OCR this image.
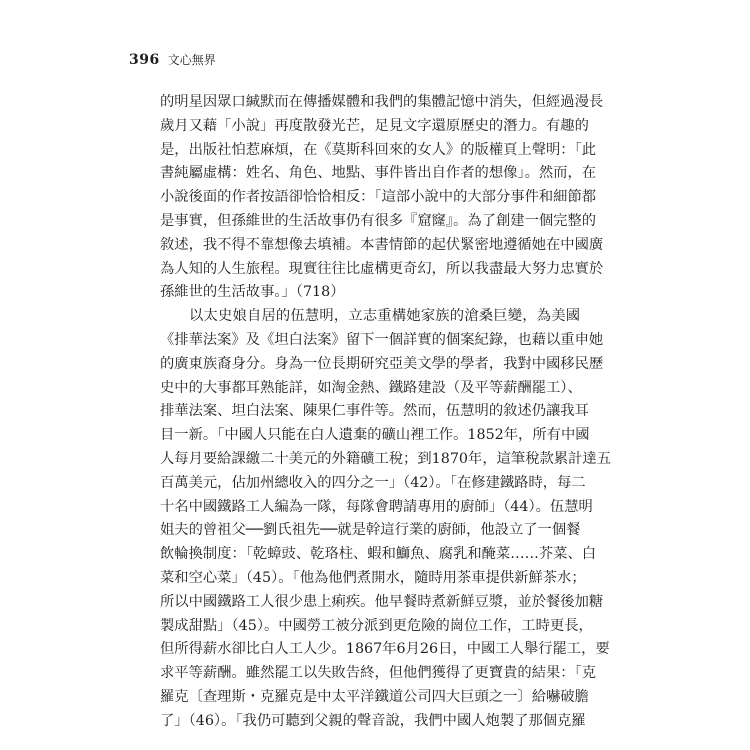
396 文心無界
的明星因眾口緘默而在傳播媒體和我們的集體記憶中消失，但經過漫長
歲月又藉「小說」再度散發光芒，足見文字還原歷史的潛力。有趣的
是，出版社怕惹麻煩，在《莫斯科回來的女人》的版權頁上聲明：「此
書純屬虛構：姓名、角色、地點、事件皆出自作者的想像」。然而，在
小說後面的作者按語卻恰恰相反：「這部小說中的大部分事件和細節都
是事實，但孫維世的生活故事仍有很多『窟窿』。為了創建一個完整的
敘述，我不得不靠想像去填補。本書情節的起伏緊密地遵循她在中國廣
為人知的人生旅程。現實往往比虛構更奇幻，所以我盡最大努力忠實於
孫維世的生活故事。」（718）
以太史娘自居的伍慧明，立志重構她家族的滄桑巨變，為美國
《排華法案》及《坦白法案》留下一個詳實的個案紀錄，也藉以重申她
的廣東族裔身分。身為一位長期研究亞美文學的學者，我對中國移民歷
史中的大事都耳熟能詳，如淘金熱、鐵路建設（及平等薪酬罷工）、
排華法案、坦白法案、陳果仁事件等。然而，伍慧明的敘述仍讓我耳
目一新。「中國人只能在白人遺棄的礦山裡工作。1852年，所有中國
人每月要給課繳二十美元的外籍礦工稅；到1870年，這筆稅款累計達五
百萬美元，佔加州總收入的四分之一」（42）。「在修建鐵路時，每二
十名中國鐵路工人編為一隊，每隊會聘請專用的廚師」（44）。伍慧明
姐夫的曾祖父──劉氏祖先──就是幹這行業的廚師，他設立了一個餐
飲輪換制度：「乾蟑豉、乾珞柱、蝦和鰤魚、腐乳和醃菜……芥菜、白
菜和空心菜」（45）。「他為他們煮開水，隨時用茶車提供新鮮茶水；
所以中國鐵路工人很少患上痢疾。他早餐時煮新鮮豆漿，並於餐後加糖
製成甜點」（45）。中國勞工被分派到更危險的崗位工作，工時更長，
但所得薪水卻比白人工人少。1867年6月26日，中國工人舉行罷工，要
求平等薪酬。雖然罷工以失敗告終，但他們獲得了更寶貴的結果：「克
羅克〔查理斯・克羅克是中太平洋鐵道公司四大巨頭之一〕給嚇破膽
了」（46）。「我仍可聽到父親的聲音說，我們中國人炮製了那個克羅
